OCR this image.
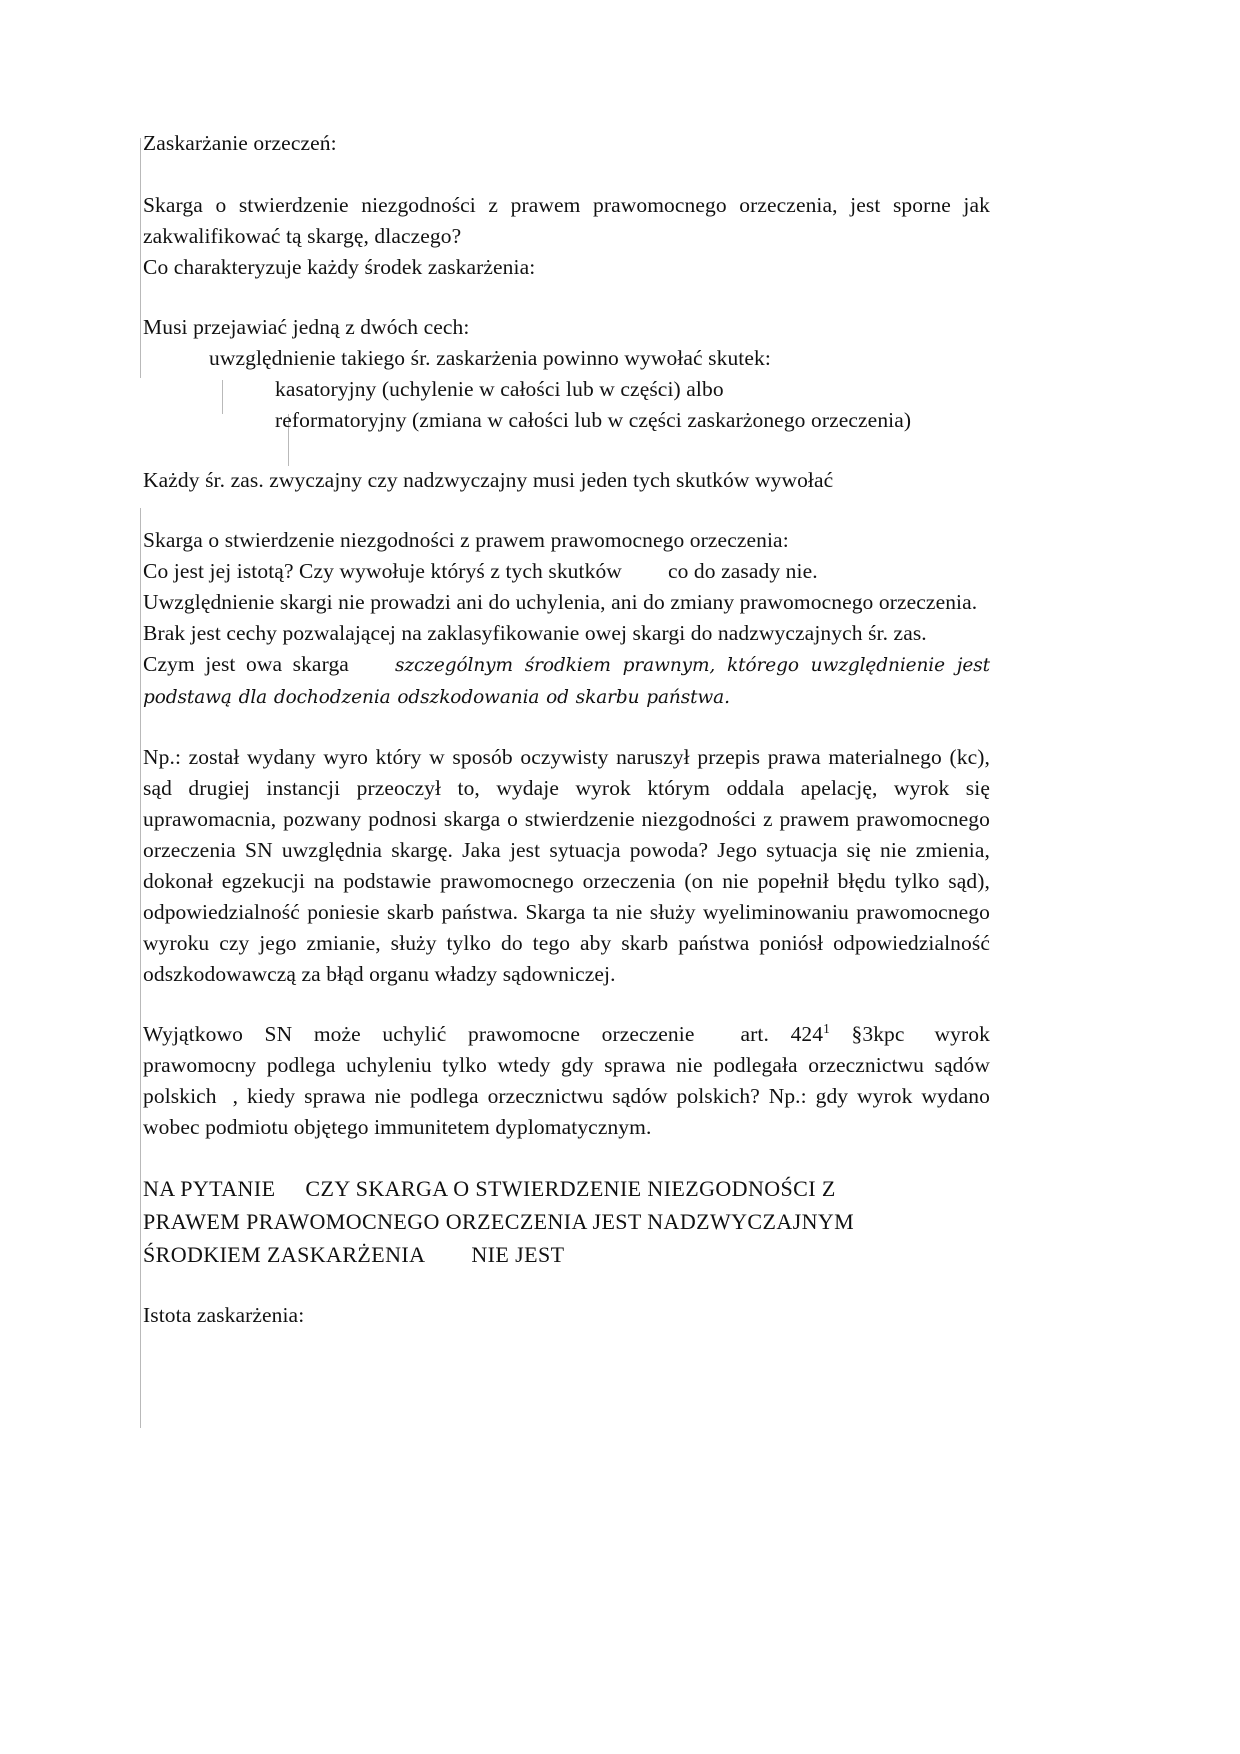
Zaskarżanie orzeczeń:

Skarga o stwierdzenie niezgodności z prawem prawomocnego orzeczenia, jest sporne jak zakwalifikować tą skargę, dlaczego?

Co charakteryzuje każdy środek zaskarżenia:

Musi przejawiać jedną z dwóch cech:

uwzględnienie takiego śr. zaskarżenia powinno wywołać skutek:

kasatoryjny (uchylenie w całości lub w części) albo

reformatoryjny (zmiana w całości lub w części zaskarżonego orzeczenia)

Każdy śr. zas. zwyczajny czy nadzwyczajny musi jeden tych skutków wywołać

Skarga o stwierdzenie niezgodności z prawem prawomocnego orzeczenia:

Co jest jej istotą? Czy wywołuje któryś z tych skutków co do zasady nie.

Uwzględnienie skargi nie prowadzi ani do uchylenia, ani do zmiany prawomocnego orzeczenia.

Brak jest cechy pozwalającej na zaklasyfikowanie owej skargi do nadzwyczajnych śr. zas.

Czym jest owa skarga szczególnym środkiem prawnym, którego uwzględnienie jest podstawą dla dochodzenia odszkodowania od skarbu państwa.

Np.: został wydany wyro który w sposób oczywisty naruszył przepis prawa materialnego (kc), sąd drugiej instancji przeoczył to, wydaje wyrok którym oddala apelację, wyrok się uprawomacnia, pozwany podnosi skarga o stwierdzenie niezgodności z prawem prawomocnego orzeczenia SN uwzględnia skargę. Jaka jest sytuacja powoda? Jego sytuacja się nie zmienia, dokonał egzekucji na podstawie prawomocnego orzeczenia (on nie popełnił błędu tylko sąd), odpowiedzialność poniesie skarb państwa. Skarga ta nie służy wyeliminowaniu prawomocnego wyroku czy jego zmianie, służy tylko do tego aby skarb państwa poniósł odpowiedzialność odszkodowawczą za błąd organu władzy sądowniczej.

Wyjątkowo SN może uchylić prawomocne orzeczenie art. $424^1$ §3kpc wyrok prawomocny podlega uchyleniu tylko wtedy gdy sprawa nie podlegała orzecznictwu sądów polskich , kiedy sprawa nie podlega orzecznictwu sądów polskich? Np.: gdy wyrok wydano wobec podmiotu objętego immunitetem dyplomatycznym.

NA PYTANIE CZY SKARGA O STWIERDZENIE NIEZGODNOŚCI Z

PRAWEM PRAWOMOCNEGO ORZECZENIA JEST NADZWYCZAJNYM

ŚRODKIEM ZASKARŻENIA NIE JEST

Istota zaskarżenia:
